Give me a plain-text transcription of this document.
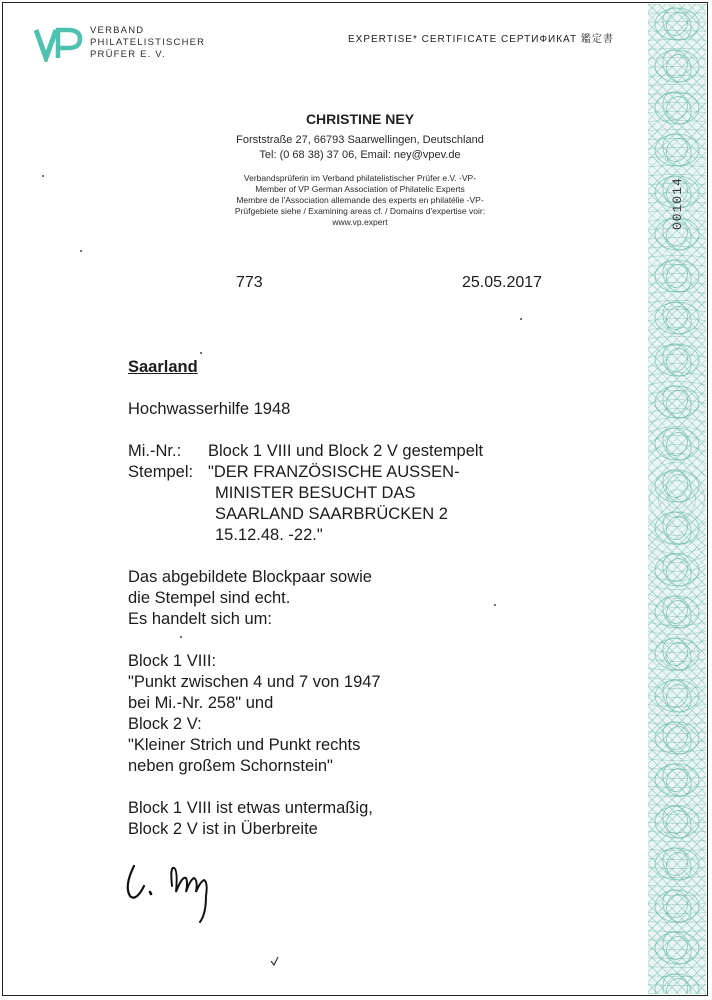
001014
VERBAND
PHILATELISTISCHER
PRÜFER E. V.
EXPERTISE* CERTIFICATE СЕРТИФИКАТ 鑑定書
CHRISTINE NEY
Forststraße 27, 66793 Saarwellingen, Deutschland
Tel: (0 68 38) 37 06, Email: ney@vpev.de
Verbandsprüferin im Verband philatelistischer Prüfer e.V. -VP-
Member of VP German Association of Philatelic Experts
Membre de l'Association allemande des experts en philatélie -VP-
Prüfgebiete siehe / Examining areas cf. / Domains d'expertise voir:
www.vp.expert
773	25.05.2017
Saarland
Hochwasserhilfe 1948
Mi.-Nr.: Block 1 VIII und Block 2 V gestempelt
Stempel: "DER FRANZÖSISCHE AUSSEN-
MINISTER BESUCHT DAS
SAARLAND SAARBRÜCKEN 2
15.12.48. -22."
Das abgebildete Blockpaar sowie
die Stempel sind echt.
Es handelt sich um:
Block 1 VIII:
"Punkt zwischen 4 und 7 von 1947
bei Mi.-Nr. 258" und
Block 2 V:
"Kleiner Strich und Punkt rechts
neben großem Schornstein"
Block 1 VIII ist etwas untermaßig,
Block 2 V ist in Überbreite
